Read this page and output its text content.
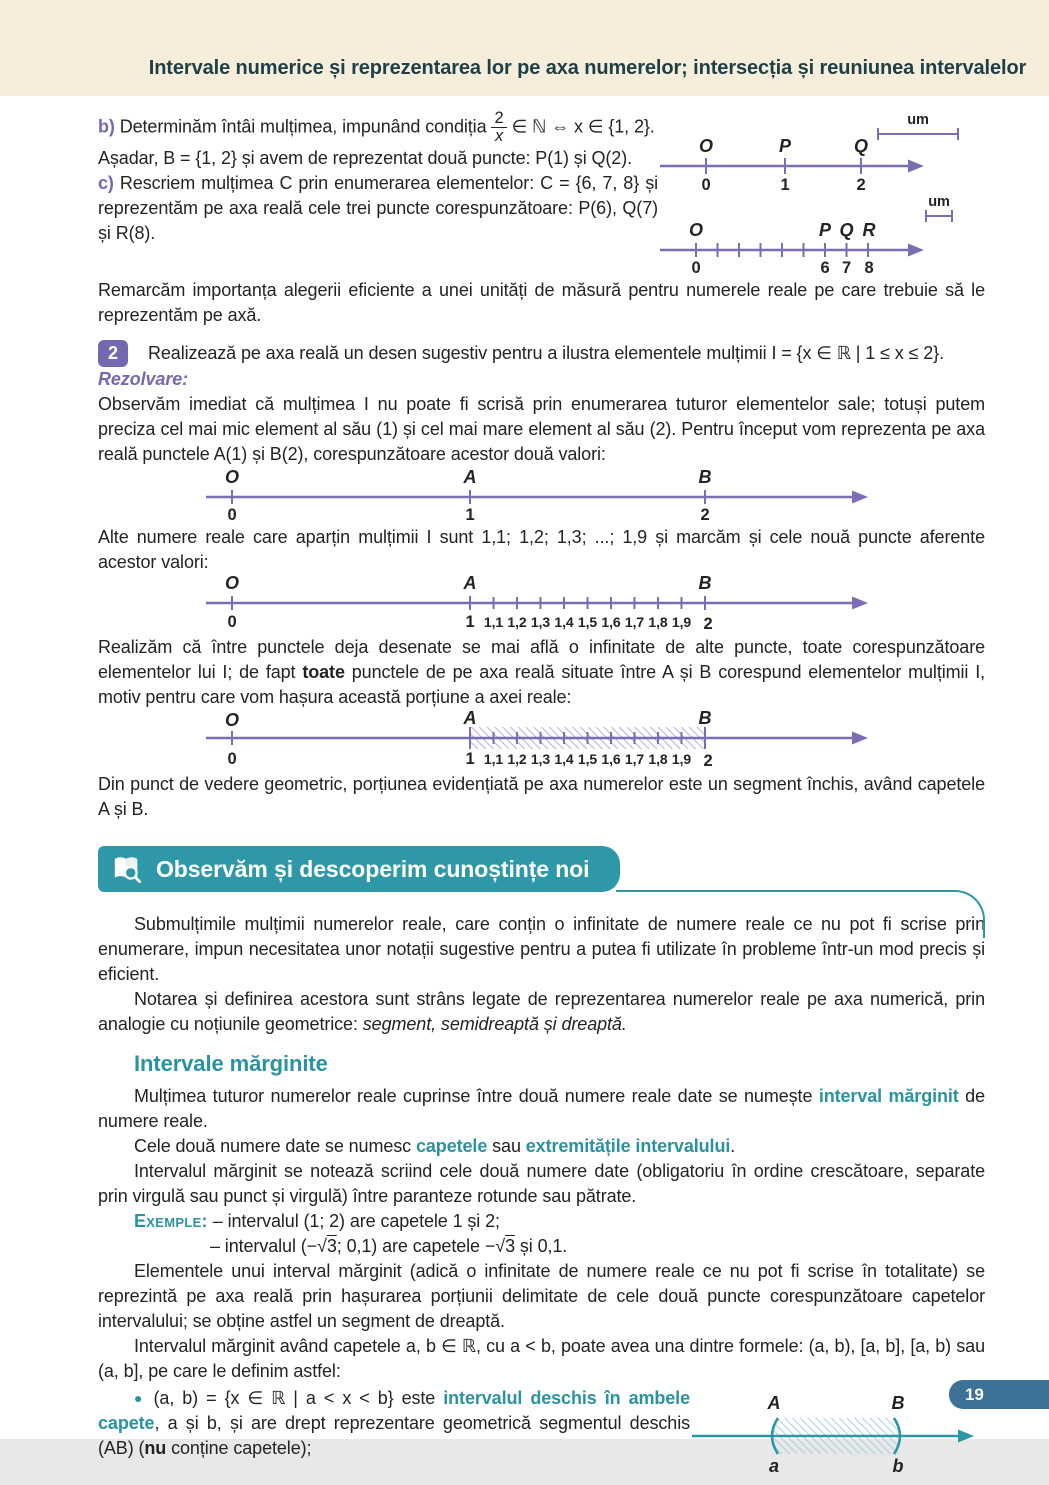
Intervale numerice și reprezentarea lor pe axa numerelor; intersecția și reuniunea intervalelor

b) Determinăm întâi mulțimea, impunând condiția $\frac{2}{x}$ ∈ ℕ ⇔ x ∈ {1, 2}.

Așadar, B = {1, 2} și avem de reprezentat două puncte: P(1) și Q(2).

c) Rescriem mulțimea C prin enumerarea elementelor: C = {6, 7, 8} și reprezentăm pe axa reală cele trei puncte corespunzătoare: P(6), Q(7) și R(8).

um
O	P	Q
0	1	2
um
O	P Q R
0	6 7 8

Remarcăm importanța alegerii eficiente a unei unități de măsură pentru numerele reale pe care trebuie să le reprezentăm pe axă.

2	Realizează pe axa reală un desen sugestiv pentru a ilustra elementele mulțimii I = {x ∈ ℝ | 1 ≤ x ≤ 2}.

Rezolvare:

Observăm imediat că mulțimea I nu poate fi scrisă prin enumerarea tuturor elementelor sale; totuși putem preciza cel mai mic element al său (1) și cel mai mare element al său (2). Pentru început vom reprezenta pe axa reală punctele A(1) și B(2), corespunzătoare acestor două valori:

O	A	B
0	1	2

Alte numere reale care aparțin mulțimii I sunt 1,1; 1,2; 1,3; ...; 1,9 și marcăm și cele nouă puncte aferente acestor valori:

O	A	B
0	1	2
1,1 1,2 1,3 1,4 1,5 1,6 1,7 1,8 1,9

Realizăm că între punctele deja desenate se mai află o infinitate de alte puncte, toate corespunzătoare elementelor lui I; de fapt toate punctele de pe axa reală situate între A și B corespund elementelor mulțimii I, motiv pentru care vom hașura această porțiune a axei reale:

A
O	B
0	1	2
1,1 1,2 1,3 1,4 1,5 1,6 1,7 1,8 1,9

Din punct de vedere geometric, porțiunea evidențiată pe axa numerelor este un segment închis, având capetele A și B.

Observăm și descoperim cunoștințe noi

Submulțimile mulțimii numerelor reale, care conțin o infinitate de numere reale ce nu pot fi scrise prin enumerare, impun necesitatea unor notații sugestive pentru a putea fi utilizate în probleme într-un mod precis și eficient.

Notarea și definirea acestora sunt strâns legate de reprezentarea numerelor reale pe axa numerică, prin analogie cu noțiunile geometrice: segment, semidreaptă și dreaptă.

Intervale mărginite

Mulțimea tuturor numerelor reale cuprinse între două numere reale date se numește interval mărginit de numere reale.

Cele două numere date se numesc capetele sau extremitățile intervalului.

Intervalul mărginit se notează scriind cele două numere date (obligatoriu în ordine crescătoare, separate prin virgulă sau punct și virgulă) între paranteze rotunde sau pătrate.

Exemple: – intervalul (1; 2) are capetele 1 și 2;

– intervalul (−√3; 0,1) are capetele −√3 și 0,1.

Elementele unui interval mărginit (adică o infinitate de numere reale ce nu pot fi scrise în totalitate) se reprezintă pe axa reală prin hașurarea porțiunii delimitate de cele două puncte corespunzătoare capetelor intervalului; se obține astfel un segment de dreaptă.

Intervalul mărginit având capetele a, b ∈ ℝ, cu a < b, poate avea una dintre formele: (a, b), [a, b], [a, b) sau (a, b], pe care le definim astfel:

● (a, b) = {x ∈ ℝ | a < x < b} este intervalul deschis în ambele capete, a și b, și are drept reprezentare geometrică segmentul deschis (AB) (nu conține capetele);

A	B
a	b
19
